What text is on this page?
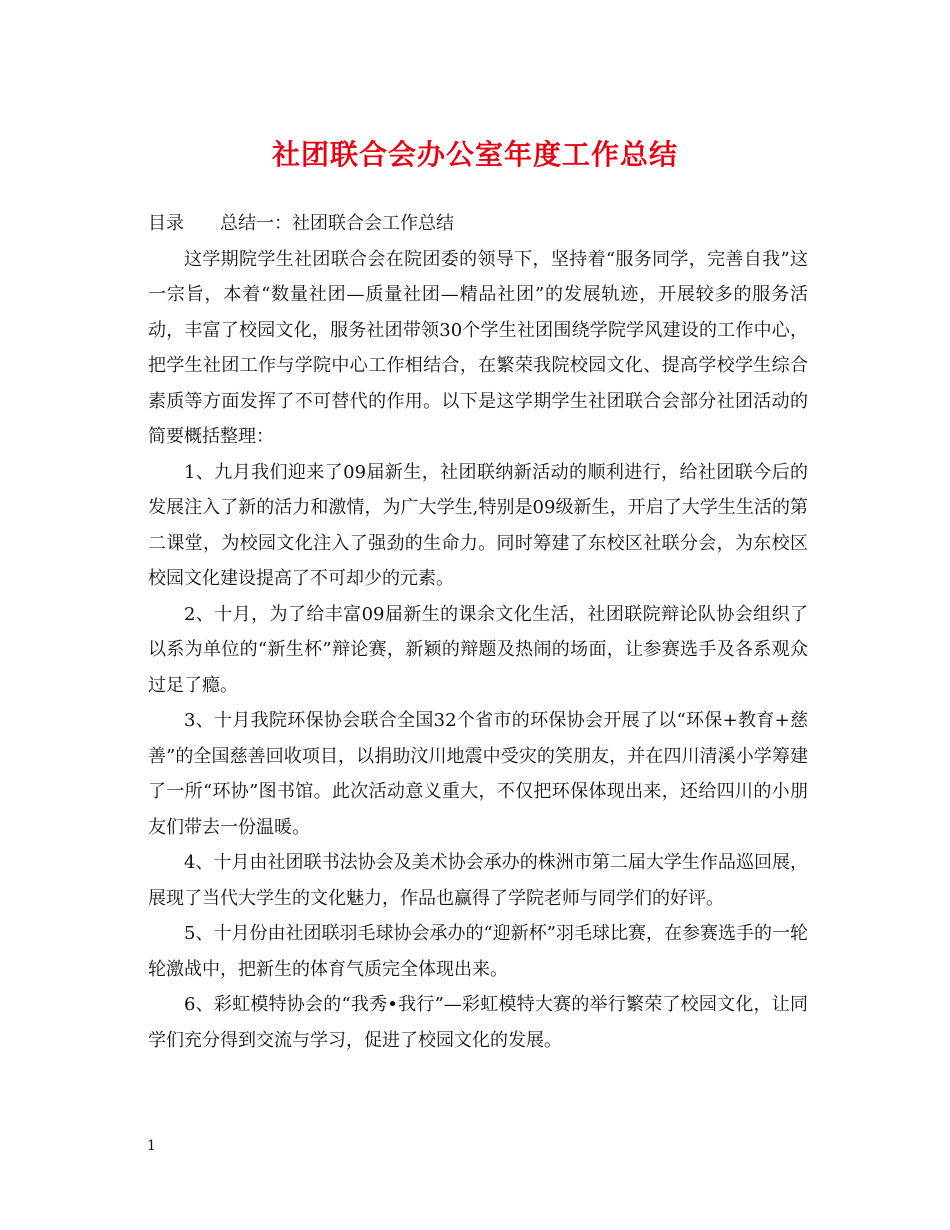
社团联合会办公室年度工作总结
目录 总结一：社团联合会工作总结

这学期院学生社团联合会在院团委的领导下，坚持着“服务同学，完善自我”这一宗旨，本着“数量社团—质量社团—精品社团”的发展轨迹，开展较多的服务活动，丰富了校园文化，服务社团带领30个学生社团围绕学院学风建设的工作中心，把学生社团工作与学院中心工作相结合，在繁荣我院校园文化、提高学校学生综合素质等方面发挥了不可替代的作用。以下是这学期学生社团联合会部分社团活动的简要概括整理：

1、九月我们迎来了09届新生，社团联纳新活动的顺利进行，给社团联今后的发展注入了新的活力和激情，为广大学生,特别是09级新生，开启了大学生生活的第二课堂，为校园文化注入了强劲的生命力。同时筹建了东校区社联分会，为东校区校园文化建设提高了不可却少的元素。

2、十月，为了给丰富09届新生的课余文化生活，社团联院辩论队协会组织了以系为单位的“新生杯”辩论赛，新颖的辩题及热闹的场面，让参赛选手及各系观众过足了瘾。

3、十月我院环保协会联合全国32个省市的环保协会开展了以“环保+教育+慈善”的全国慈善回收项目，以捐助汶川地震中受灾的笑朋友，并在四川清溪小学筹建了一所“环协”图书馆。此次活动意义重大，不仅把环保体现出来，还给四川的小朋友们带去一份温暖。

4、十月由社团联书法协会及美术协会承办的株洲市第二届大学生作品巡回展，展现了当代大学生的文化魅力，作品也赢得了学院老师与同学们的好评。

5、十月份由社团联羽毛球协会承办的“迎新杯”羽毛球比赛，在参赛选手的一轮轮激战中，把新生的体育气质完全体现出来。

6、彩虹模特协会的“我秀•我行”—彩虹模特大赛的举行繁荣了校园文化，让同学们充分得到交流与学习，促进了校园文化的发展。

1
